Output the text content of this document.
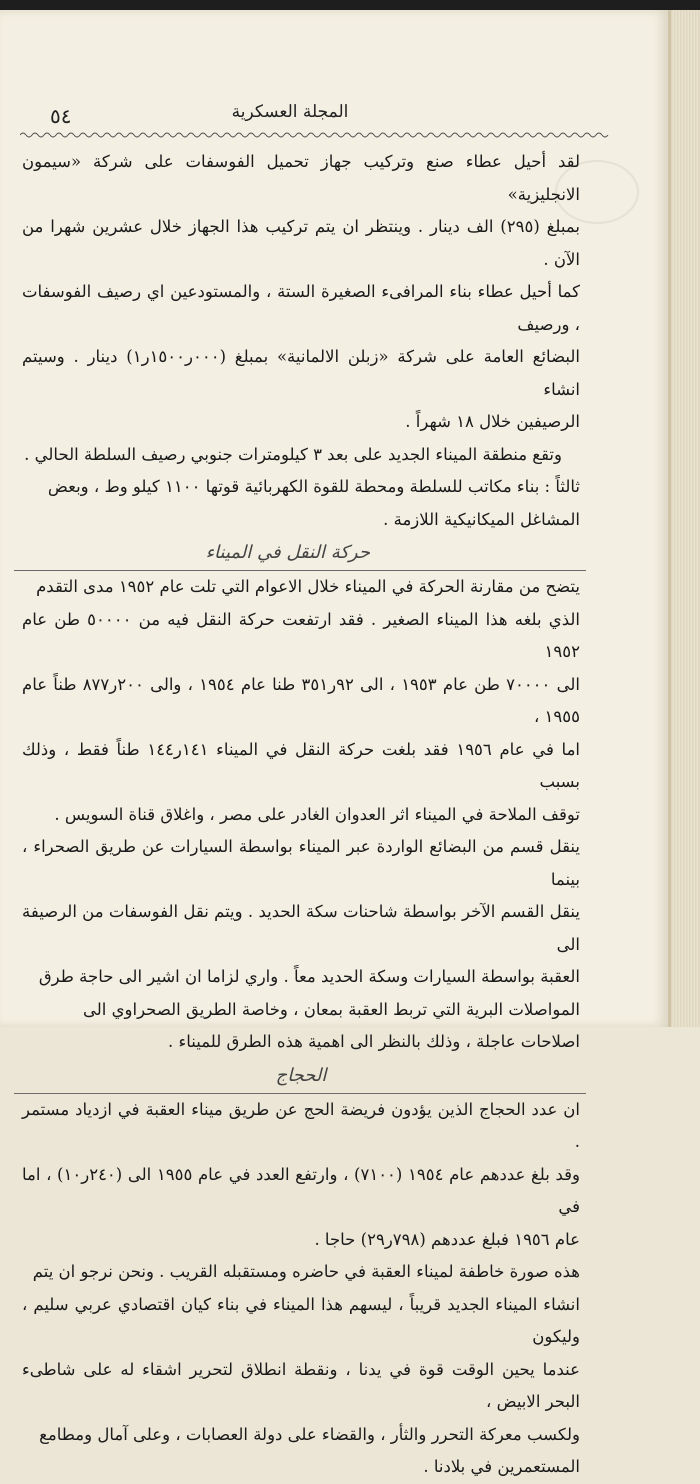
المجلة العسكرية
٥٤

لقد أحيل عطاء صنع وتركيب جهاز تحميل الفوسفات على شركة «سيمون الانجليزية»

بمبلغ (٢٩٥) الف دينار . وينتظر ان يتم تركيب هذا الجهاز خلال عشرين شهرا من الآن .

كما أحيل عطاء بناء المرافىء الصغيرة الستة ، والمستودعين اي رصيف الفوسفات ، ورصيف

البضائع العامة على شركة «زبلن الالمانية» بمبلغ (٠٠٠ر١٥٠٠ر١) دينار . وسيتم انشاء

الرصيفين خلال ١٨ شهراً .

وتقع منطقة الميناء الجديد على بعد ٣ كيلومترات جنوبي رصيف السلطة الحالي .

ثالثاً : بناء مكاتب للسلطة ومحطة للقوة الكهربائية قوتها ١١٠٠ كيلو وط ، وبعض

المشاغل الميكانيكية اللازمة .

حركة النقل في الميناء

يتضح من مقارنة الحركة في الميناء خلال الاعوام التي تلت عام ١٩٥٢ مدى التقدم

الذي بلغه هذا الميناء الصغير . فقد ارتفعت حركة النقل فيه من ٥٠٠٠٠ طن عام ١٩٥٢

الى ٧٠٠٠٠ طن عام ١٩٥٣ ، الى ٩٢ر٣٥١ طنا عام ١٩٥٤ ، والى ٢٠٠ر٨٧٧ طناً عام ١٩٥٥ ،

اما في عام ١٩٥٦ فقد بلغت حركة النقل في الميناء ١٤١ر١٤٤ طناً فقط ، وذلك بسبب

توقف الملاحة في الميناء اثر العدوان الغادر على مصر ، واغلاق قناة السويس .

ينقل قسم من البضائع الواردة عبر الميناء بواسطة السيارات عن طريق الصحراء ، بينما

ينقل القسم الآخر بواسطة شاحنات سكة الحديد . ويتم نقل الفوسفات من الرصيفة الى

العقبة بواسطة السيارات وسكة الحديد معاً . واري لزاما ان اشير الى حاجة طرق

المواصلات البرية التي تربط العقبة بمعان ، وخاصة الطريق الصحراوي الى

اصلاحات عاجلة ، وذلك بالنظر الى اهمية هذه الطرق للميناء .

الحجاج

ان عدد الحجاج الذين يؤدون فريضة الحج عن طريق ميناء العقبة في ازدياد مستمر .

وقد بلغ عددهم عام ١٩٥٤ (٧١٠٠) ، وارتفع العدد في عام ١٩٥٥ الى (٢٤٠ر١٠) ، اما في

عام ١٩٥٦ فبلغ عددهم (٧٩٨ر٢٩) حاجا .

هذه صورة خاطفة لميناء العقبة في حاضره ومستقبله القريب . ونحن نرجو ان يتم

انشاء الميناء الجديد قريباً ، ليسهم هذا الميناء في بناء كيان اقتصادي عربي سليم ، وليكون

عندما يحين الوقت قوة في يدنا ، ونقطة انطلاق لتحرير اشقاء له على شاطىء البحر الابيض ،

ولكسب معركة التحرر والثأر ، والقضاء على دولة العصابات ، وعلى آمال ومطامع

المستعمرين في بلادنا .
